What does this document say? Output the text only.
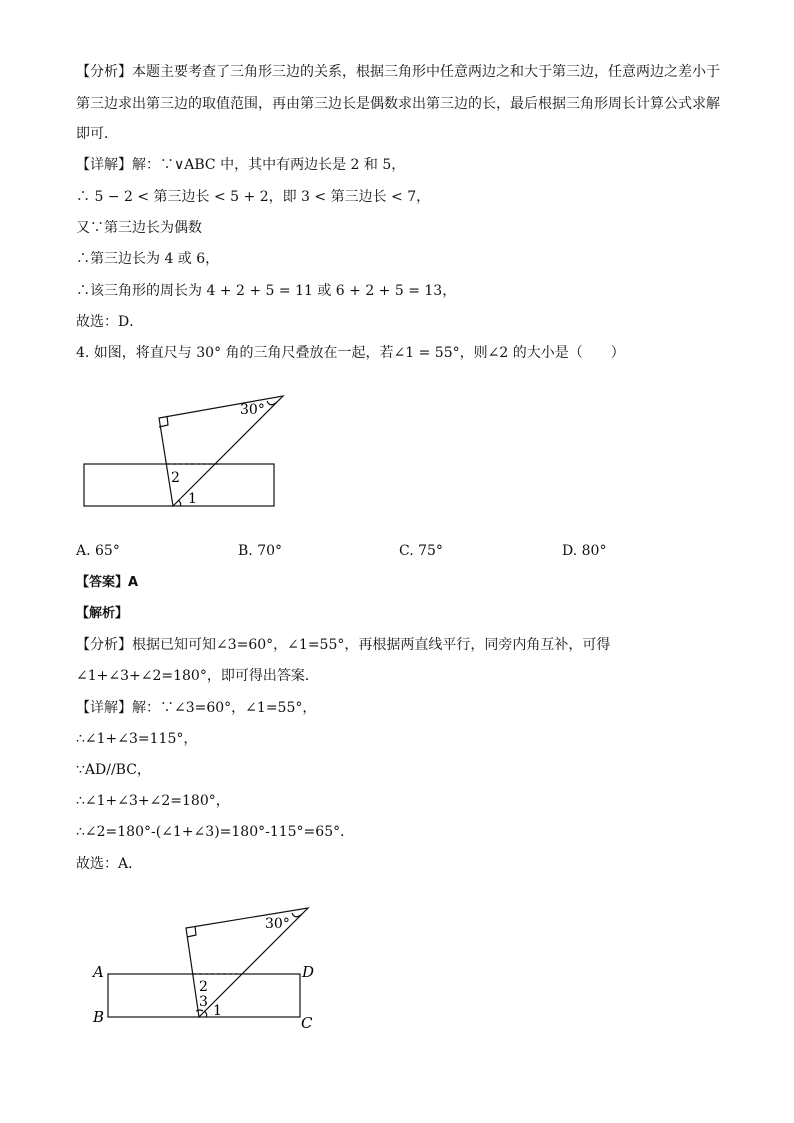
【分析】本题主要考查了三角形三边的关系，根据三角形中任意两边之和大于第三边，任意两边之差小于
第三边求出第三边的取值范围，再由第三边长是偶数求出第三边的长，最后根据三角形周长计算公式求解
即可．
【详解】解：∵∨ABC 中，其中有两边长是 2 和 5，
∴ 5 − 2 < 第三边长 < 5 + 2，即 3 < 第三边长 < 7，
又∵第三边长为偶数
∴第三边长为 4 或 6，
∴该三角形的周长为 4 + 2 + 5 = 11 或 6 + 2 + 5 = 13，
故选：D．
4. 如图，将直尺与 30° 角的三角尺叠放在一起，若∠1 = 55°，则∠2 的大小是（　　）
30°
2
1
A. 65°	B. 70°	C. 75°	D. 80°
【答案】A
【解析】
【分析】根据已知可知∠3=60°，∠1=55°，再根据两直线平行，同旁内角互补，可得
∠1+∠3+∠2=180°，即可得出答案．
【详解】解：∵∠3=60°，∠1=55°，
∴∠1+∠3=115°，
∵AD//BC，
∴∠1+∠3+∠2=180°，
∴∠2=180°-(∠1+∠3)=180°-115°=65°．
故选：A．
30°
2
3
1
A
B	C
D
